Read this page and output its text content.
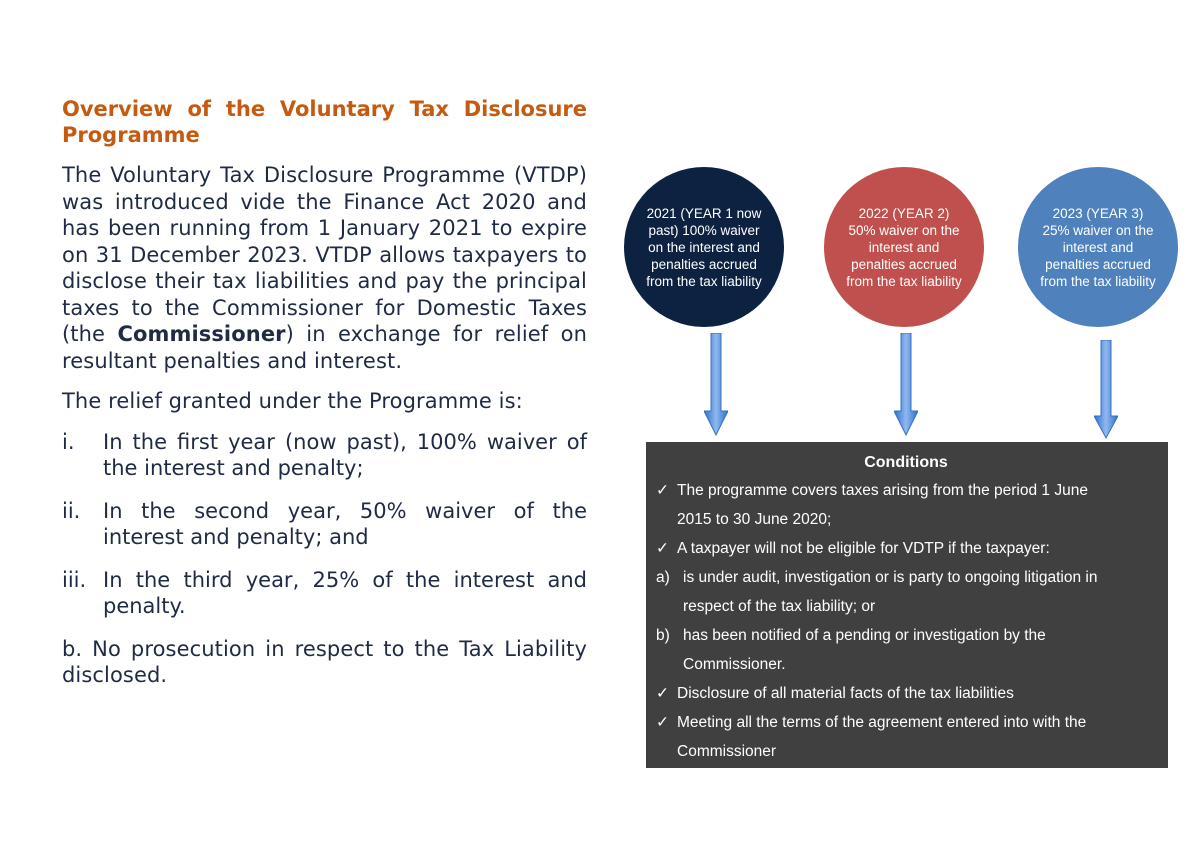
Overview of the Voluntary Tax Disclosure Programme
The Voluntary Tax Disclosure Programme (VTDP) was introduced vide the Finance Act 2020 and has been running from 1 January 2021 to expire on 31 December 2023. VTDP allows taxpayers to disclose their tax liabilities and pay the principal taxes to the Commissioner for Domestic Taxes (the Commissioner) in exchange for relief on resultant penalties and interest.
The relief granted under the Programme is:
i.	In the first year (now past), 100% waiver of the interest and penalty;
ii.	In the second year, 50% waiver of the interest and penalty; and
iii. In the third year, 25% of the interest and penalty.
b. No prosecution in respect to the Tax Liability disclosed.
2021 (YEAR 1 now past) 100% waiver on the interest and penalties accrued from the tax liability
2022 (YEAR 2) 50% waiver on the interest and penalties accrued from the tax liability
2023 (YEAR 3) 25% waiver on the interest and penalties accrued from the tax liability
Conditions
✓ The programme covers taxes arising from the period 1 June
2015 to 30 June 2020;
✓ A taxpayer will not be eligible for VDTP if the taxpayer:
a) is under audit, investigation or is party to ongoing litigation in
respect of the tax liability; or
b) has been notified of a pending or investigation by the
Commissioner.
✓ Disclosure of all material facts of the tax liabilities
✓ Meeting all the terms of the agreement entered into with the
Commissioner
